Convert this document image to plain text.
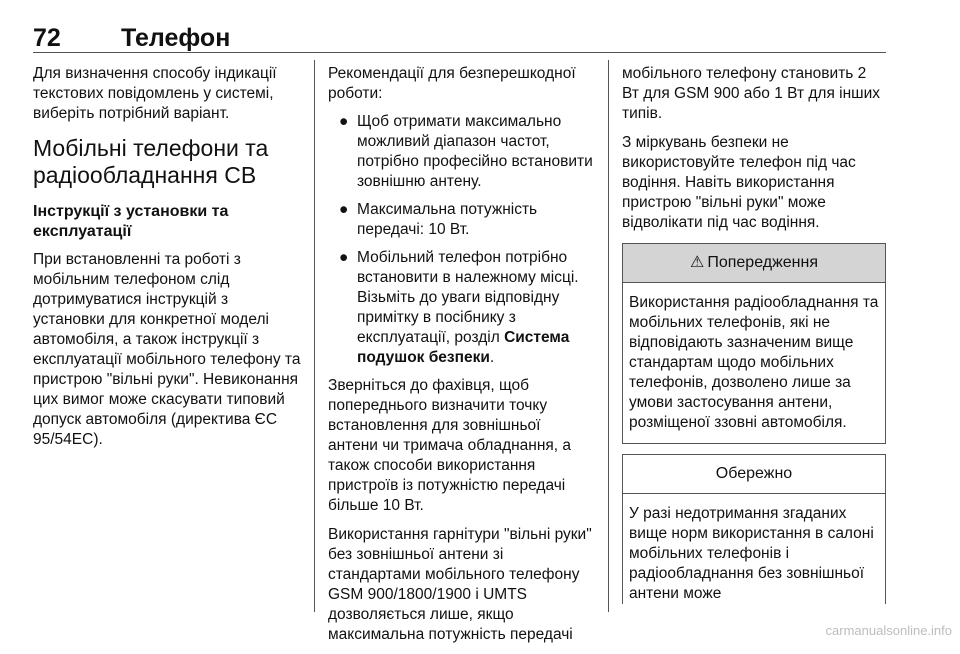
72 Телефон

Для визначення способу індикації текстових повідомлень у системі, виберіть потрібний варіант.

Мобільні телефони та радіообладнання СВ
Інструкції з установки та експлуатації

При встановленні та роботі з мобільним телефоном слід дотримуватися інструкцій з установки для конкретної моделі автомобіля, а також інструкції з експлуатації мобільного телефону та пристрою "вільні руки". Невиконання цих вимог може скасувати типовий допуск автомобіля (директива ЄС 95/54ЕС).

Рекомендації для безперешкодної роботи:

● Щоб отримати максимально можливий діапазон частот, потрібно професійно встановити зовнішню антену.
● Максимальна потужність передачі: 10 Вт.
● Мобільний телефон потрібно встановити в належному місці. Візьміть до уваги відповідну примітку в посібнику з експлуатації, розділ Система подушок безпеки.

Зверніться до фахівця, щоб попереднього визначити точку встановлення для зовнішньої антени чи тримача обладнання, а також способи використання пристроїв із потужністю передачі більше 10 Вт.

Використання гарнітури "вільні руки" без зовнішньої антени зі стандартами мобільного телефону GSM 900/1800/1900 і UMTS дозволяється лише, якщо максимальна потужність передачі

мобільного телефону становить 2 Вт для GSM 900 або 1 Вт для інших типів.

З міркувань безпеки не використовуйте телефон під час водіння. Навіть використання пристрою "вільні руки" може відволікати під час водіння.

⚠ Попередження
Використання радіообладнання та мобільних телефонів, які не відповідають зазначеним вище стандартам щодо мобільних телефонів, дозволено лише за умови застосування антени, розміщеної ззовні автомобіля.
Обережно
У разі недотримання згаданих вище норм використання в салоні мобільних телефонів і радіообладнання без зовнішньої антени може
carmanualsonline.info
